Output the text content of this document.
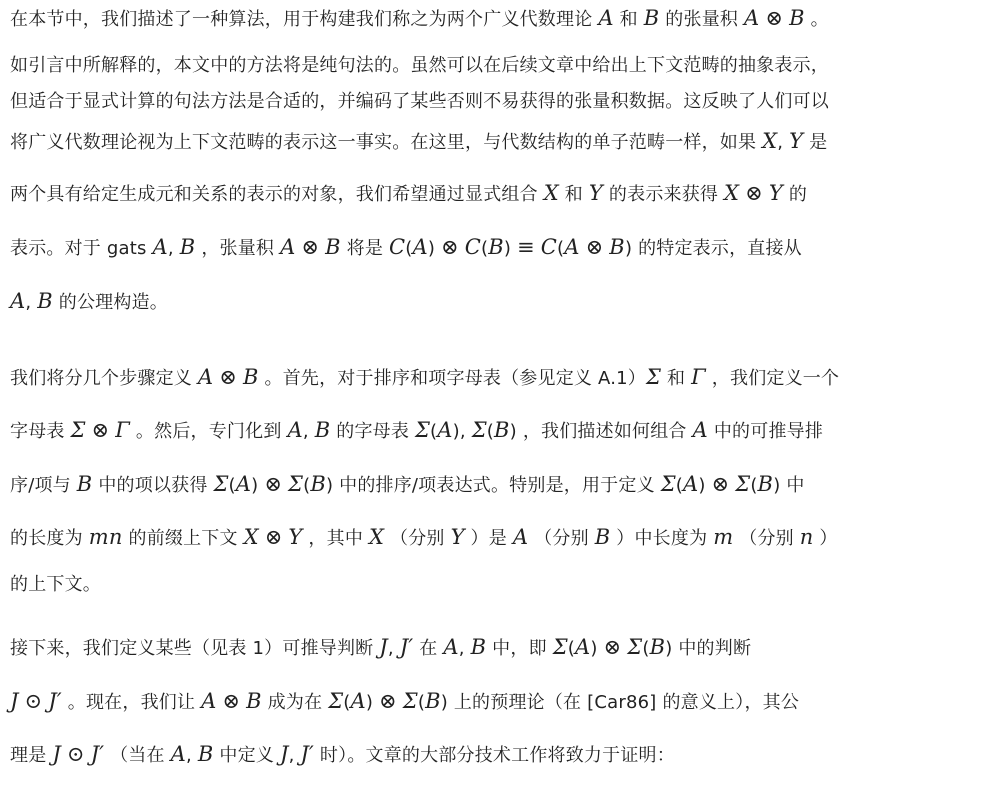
在本节中，我们描述了一种算法，用于构建我们称之为两个广义代数理论 𝐴 和 𝐵 的张量积 𝐴 ⊗ 𝐵 。
如引言中所解释的，本文中的方法将是纯句法的。虽然可以在后续文章中给出上下文范畴的抽象表示，
但适合于显式计算的句法方法是合适的，并编码了某些否则不易获得的张量积数据。这反映了人们可以
将广义代数理论视为上下文范畴的表示这一事实。在这里，与代数结构的单子范畴一样，如果 𝑋, 𝑌 是
两个具有给定生成元和关系的表示的对象，我们希望通过显式组合 𝑋 和 𝑌 的表示来获得 𝑋 ⊗ 𝑌 的
表示。对于 gats 𝐴, 𝐵 ，张量积 𝐴 ⊗ 𝐵 将是 𝐶(𝐴) ⊗ 𝐶(𝐵) ≡ 𝐶(𝐴 ⊗ 𝐵) 的特定表示，直接从
𝐴, 𝐵 的公理构造。
我们将分几个步骤定义 𝐴 ⊗ 𝐵 。首先，对于排序和项字母表（参见定义 A.1）Σ 和 Γ ，我们定义一个
字母表 Σ ⊗ Γ 。然后，专门化到 𝐴, 𝐵 的字母表 Σ(𝐴), Σ(𝐵) ，我们描述如何组合 𝐴 中的可推导排
序/项与 𝐵 中的项以获得 Σ(𝐴) ⊗ Σ(𝐵) 中的排序/项表达式。特别是，用于定义 Σ(𝐴) ⊗ Σ(𝐵) 中
的长度为 𝑚𝑛 的前缀上下文 𝑋 ⊗ 𝑌 ，其中 𝑋 （分别 𝑌 ）是 𝐴 （分别 𝐵 ）中长度为 𝑚 （分别 𝑛 ）
的上下文。
接下来，我们定义某些（见表 1）可推导判断 𝐽, 𝐽′ 在 𝐴, 𝐵 中，即 Σ(𝐴) ⊗ Σ(𝐵) 中的判断
𝐽 ⊙ 𝐽′ 。现在，我们让 𝐴 ⊗ 𝐵 成为在 Σ(𝐴) ⊗ Σ(𝐵) 上的预理论（在 [Car86] 的意义上），其公
理是 𝐽 ⊙ 𝐽′ （当在 𝐴, 𝐵 中定义 𝐽, 𝐽′ 时）。文章的大部分技术工作将致力于证明：
